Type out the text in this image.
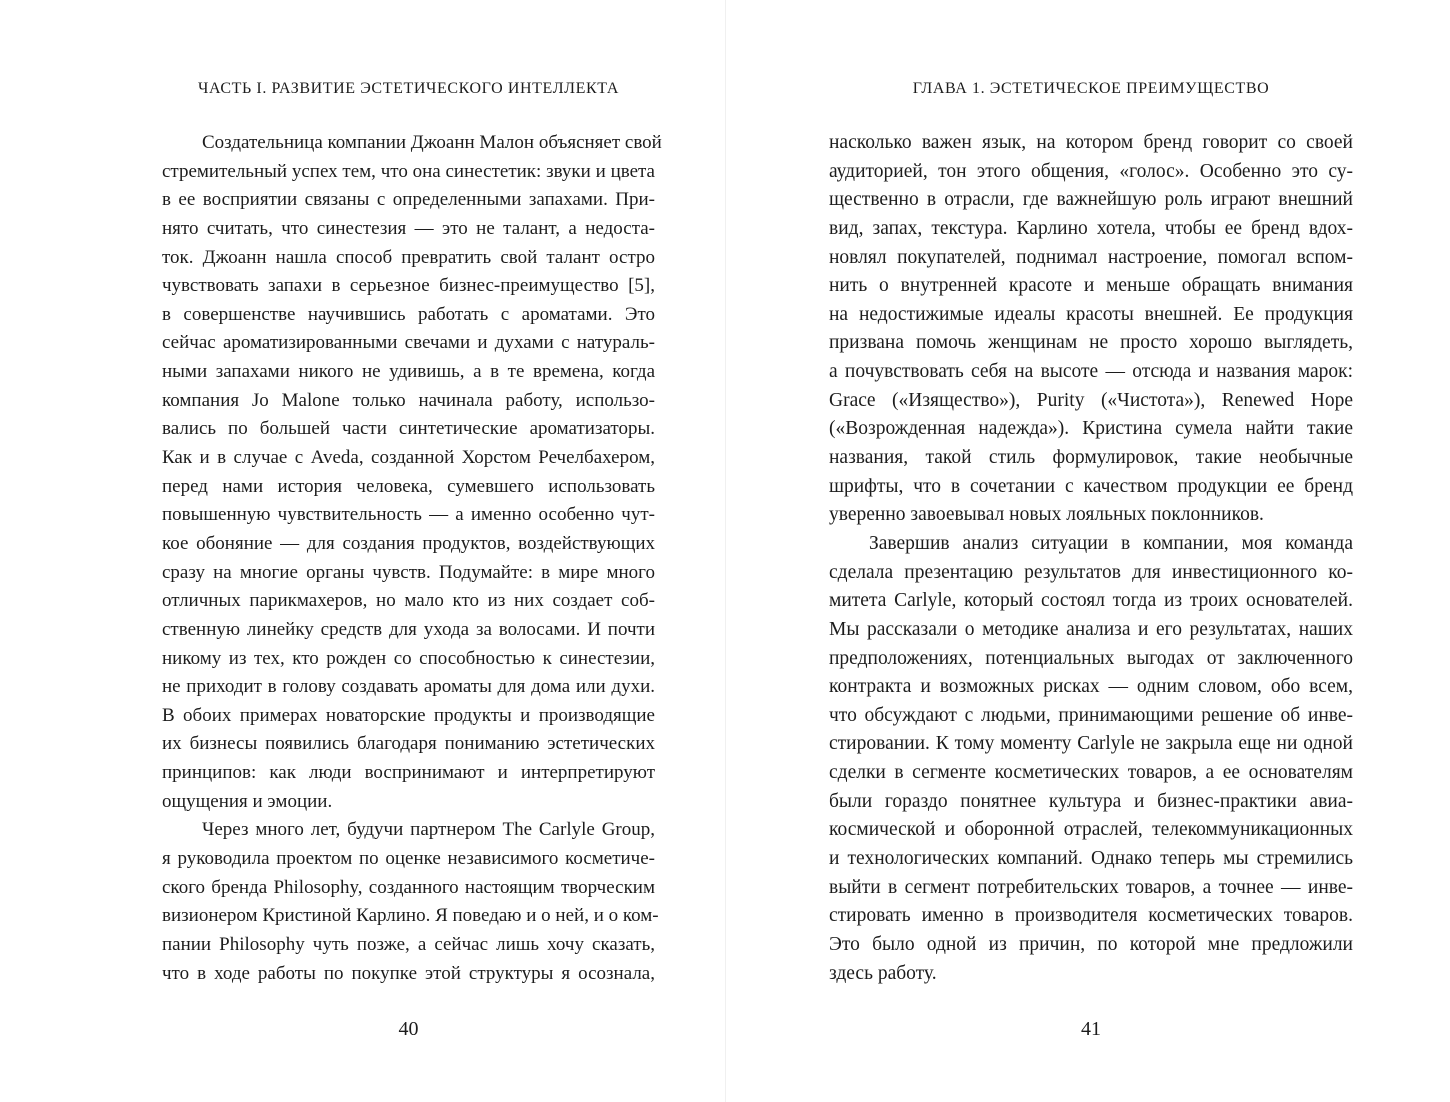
ЧАСТЬ I. РАЗВИТИЕ ЭСТЕТИЧЕСКОГО ИНТЕЛЛЕКТА
Создательница компании Джоанн Малон объясняет свой
стремительный успех тем, что она синестетик: звуки и цвета
в ее восприятии связаны с определенными запахами. При-
нято считать, что синестезия — это не талант, а недоста-
ток. Джоанн нашла способ превратить свой талант остро
чувствовать запахи в серьезное бизнес-преимущество [5],
в совершенстве научившись работать с ароматами. Это
сейчас ароматизированными свечами и духами с натураль-
ными запахами никого не удивишь, а в те времена, когда
компания Jo Malone только начинала работу, использо-
вались по большей части синтетические ароматизаторы.
Как и в случае с Aveda, созданной Хорстом Речелбахером,
перед нами история человека, сумевшего использовать
повышенную чувствительность — а именно особенно чут-
кое обоняние — для создания продуктов, воздействующих
сразу на многие органы чувств. Подумайте: в мире много
отличных парикмахеров, но мало кто из них создает соб-
ственную линейку средств для ухода за волосами. И почти
никому из тех, кто рожден со способностью к синестезии,
не приходит в голову создавать ароматы для дома или духи.
В обоих примерах новаторские продукты и производящие
их бизнесы появились благодаря пониманию эстетических
принципов: как люди воспринимают и интерпретируют
ощущения и эмоции.
Через много лет, будучи партнером The Carlyle Group,
я руководила проектом по оценке независимого косметиче-
ского бренда Philosophy, созданного настоящим творческим
визионером Кристиной Карлино. Я поведаю и о ней, и о ком-
пании Philosophy чуть позже, а сейчас лишь хочу сказать,
что в ходе работы по покупке этой структуры я осознала,
40
ГЛАВА 1. ЭСТЕТИЧЕСКОЕ ПРЕИМУЩЕСТВО
насколько важен язык, на котором бренд говорит со своей
аудиторией, тон этого общения, «голос». Особенно это су-
щественно в отрасли, где важнейшую роль играют внешний
вид, запах, текстура. Карлино хотела, чтобы ее бренд вдох-
новлял покупателей, поднимал настроение, помогал вспом-
нить о внутренней красоте и меньше обращать внимания
на недостижимые идеалы красоты внешней. Ее продукция
призвана помочь женщинам не просто хорошо выглядеть,
а почувствовать себя на высоте — отсюда и названия марок:
Grace («Изящество»), Purity («Чистота»), Renewed Hope
(«Возрожденная надежда»). Кристина сумела найти такие
названия, такой стиль формулировок, такие необычные
шрифты, что в сочетании с качеством продукции ее бренд
уверенно завоевывал новых лояльных поклонников.
Завершив анализ ситуации в компании, моя команда
сделала презентацию результатов для инвестиционного ко-
митета Carlyle, который состоял тогда из троих основателей.
Мы рассказали о методике анализа и его результатах, наших
предположениях, потенциальных выгодах от заключенного
контракта и возможных рисках — одним словом, обо всем,
что обсуждают с людьми, принимающими решение об инве-
стировании. К тому моменту Carlyle не закрыла еще ни одной
сделки в сегменте косметических товаров, а ее основателям
были гораздо понятнее культура и бизнес-практики авиа-
космической и оборонной отраслей, телекоммуникационных
и технологических компаний. Однако теперь мы стремились
выйти в сегмент потребительских товаров, а точнее — инве-
стировать именно в производителя косметических товаров.
Это было одной из причин, по которой мне предложили
здесь работу.
41
